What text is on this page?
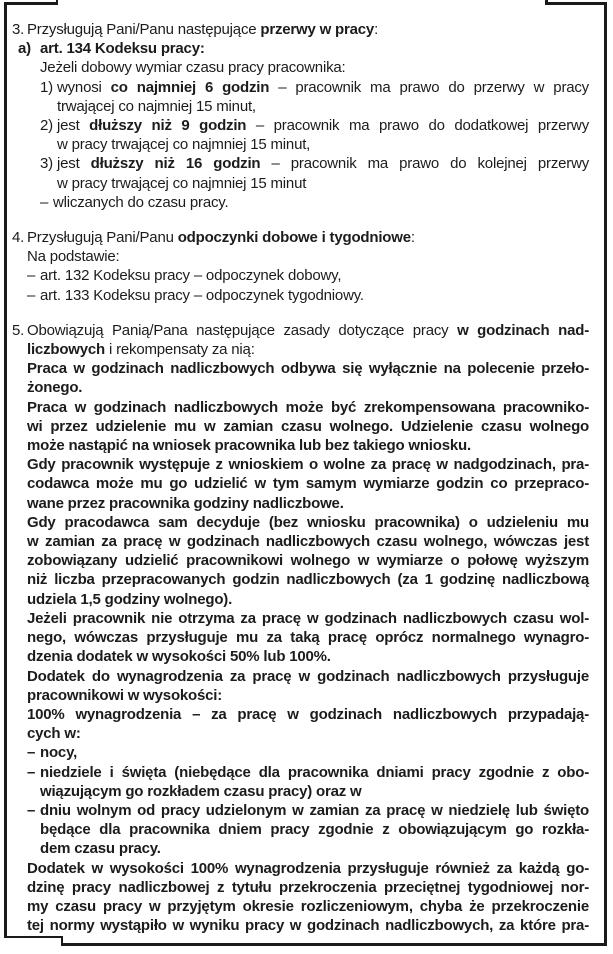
3. Przysługują Pani/Panu następujące przerwy w pracy:
a) art. 134 Kodeksu pracy:
Jeżeli dobowy wymiar czasu pracy pracownika:
1) wynosi co najmniej 6 godzin – pracownik ma prawo do przerwy w pracy
trwającej co najmniej 15 minut,
2) jest dłuższy niż 9 godzin – pracownik ma prawo do dodatkowej przerwy
w pracy trwającej co najmniej 15 minut,
3) jest dłuższy niż 16 godzin – pracownik ma prawo do kolejnej przerwy
w pracy trwającej co najmniej 15 minut
– wliczanych do czasu pracy.
4. Przysługują Pani/Panu odpoczynki dobowe i tygodniowe:
Na podstawie:
– art. 132 Kodeksu pracy – odpoczynek dobowy,
– art. 133 Kodeksu pracy – odpoczynek tygodniowy.
5. Obowiązują Panią/Pana następujące zasady dotyczące pracy w godzinach nad-
liczbowych i rekompensaty za nią:
Praca w godzinach nadliczbowych odbywa się wyłącznie na polecenie przeło-
żonego.
Praca w godzinach nadliczbowych może być zrekompensowana pracowniko-
wi przez udzielenie mu w zamian czasu wolnego. Udzielenie czasu wolnego
może nastąpić na wniosek pracownika lub bez takiego wniosku.
Gdy pracownik występuje z wnioskiem o wolne za pracę w nadgodzinach, pra-
codawca może mu go udzielić w tym samym wymiarze godzin co przepraco-
wane przez pracownika godziny nadliczbowe.
Gdy pracodawca sam decyduje (bez wniosku pracownika) o udzieleniu mu
w zamian za pracę w godzinach nadliczbowych czasu wolnego, wówczas jest
zobowiązany udzielić pracownikowi wolnego w wymiarze o połowę wyższym
niż liczba przepracowanych godzin nadliczbowych (za 1 godzinę nadliczbową
udziela 1,5 godziny wolnego).
Jeżeli pracownik nie otrzyma za pracę w godzinach nadliczbowych czasu wol-
nego, wówczas przysługuje mu za taką pracę oprócz normalnego wynagro-
dzenia dodatek w wysokości 50% lub 100%.
Dodatek do wynagrodzenia za pracę w godzinach nadliczbowych przysługuje
pracownikowi w wysokości:
100% wynagrodzenia – za pracę w godzinach nadliczbowych przypadają-
cych w:
– nocy,
– niedziele i święta (niebędące dla pracownika dniami pracy zgodnie z obo-
wiązującym go rozkładem czasu pracy) oraz w
– dniu wolnym od pracy udzielonym w zamian za pracę w niedzielę lub święto
będące dla pracownika dniem pracy zgodnie z obowiązującym go rozkła-
dem czasu pracy.
Dodatek w wysokości 100% wynagrodzenia przysługuje również za każdą go-
dzinę pracy nadliczbowej z tytułu przekroczenia przeciętnej tygodniowej nor-
my czasu pracy w przyjętym okresie rozliczeniowym, chyba że przekroczenie
tej normy wystąpiło w wyniku pracy w godzinach nadliczbowych, za które pra-
